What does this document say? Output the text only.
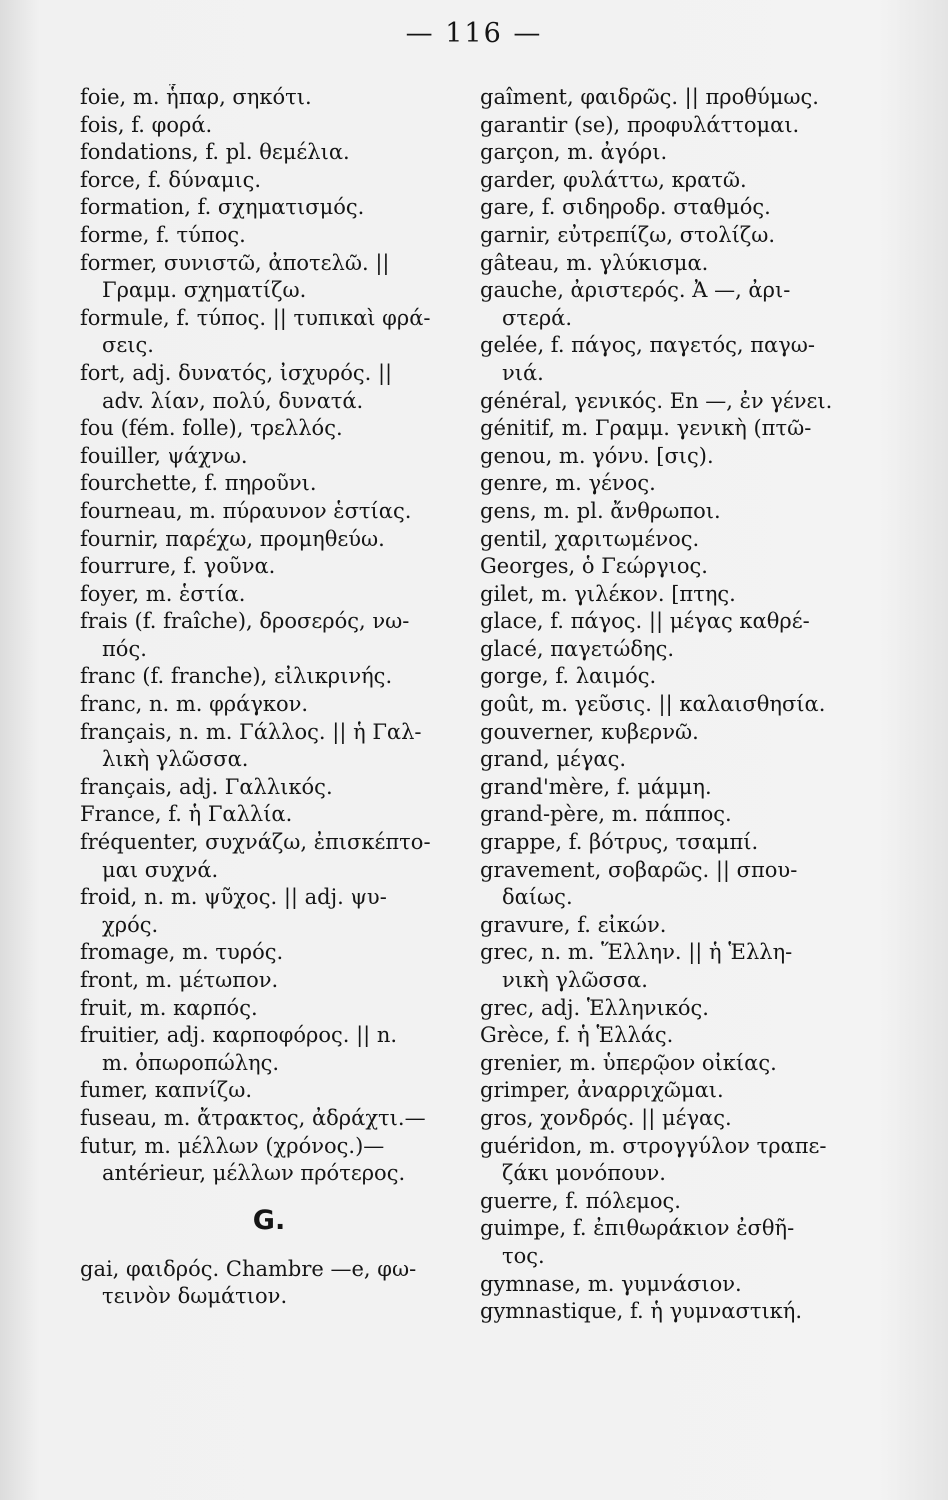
— 116 —
foie, m. ἧπαρ, σηκότι.
fois, f. φορά.
fondations, f. pl. θεμέλια.
force, f. δύναμις.
formation, f. σχηματισμός.
forme, f. τύπος.
former, συνιστῶ, ἀποτελῶ. ||
Γραμμ. σχηματίζω.
formule, f. τύπος. || τυπικαὶ φρά-
σεις.
fort, adj. δυνατός, ἰσχυρός. ||
adv. λίαν, πολύ, δυνατά.
fou (fém. folle), τρελλός.
fouiller, ψάχνω.
fourchette, f. πηροῦνι.
fourneau, m. πύραυνον ἑστίας.
fournir, παρέχω, προμηθεύω.
fourrure, f. γοῦνα.
foyer, m. ἑστία.
frais (f. fraîche), δροσερός, νω-
πός.
franc (f. franche), εἰλικρινής.
franc, n. m. φράγκον.
français, n. m. Γάλλος. || ἡ Γαλ-
λικὴ γλῶσσα.
français, adj. Γαλλικός.
France, f. ἡ Γαλλία.
fréquenter, συχνάζω, ἐπισκέπτο-
μαι συχνά.
froid, n. m. ψῦχος. || adj. ψυ-
χρός.
fromage, m. τυρός.
front, m. μέτωπον.
fruit, m. καρπός.
fruitier, adj. καρποφόρος. || n.
m. ὀπωροπώλης.
fumer, καπνίζω.
fuseau, m. ἄτρακτος, ἀδράχτι.—
futur, m. μέλλων (χρόνος.)—
antérieur, μέλλων πρότερος.
G.
gai, φαιδρός. Chambre —e, φω-
τεινὸν δωμάτιον.
gaîment, φαιδρῶς. || προθύμως.
garantir (se), προφυλάττομαι.
garçon, m. ἀγόρι.
garder, φυλάττω, κρατῶ.
gare, f. σιδηροδρ. σταθμός.
garnir, εὐτρεπίζω, στολίζω.
gâteau, m. γλύκισμα.
gauche, ἀριστερός. Ἀ —, ἀρι-
στερά.
gelée, f. πάγος, παγετός, παγω-
νιά.
général, γενικός. En —, ἐν γένει.
génitif, m. Γραμμ. γενικὴ (πτῶ-
genou, m. γόνυ. [σις).
genre, m. γένος.
gens, m. pl. ἄνθρωποι.
gentil, χαριτωμένος.
Georges, ὁ Γεώργιος.
gilet, m. γιλέκον. [πτης.
glace, f. πάγος. || μέγας καθρέ-
glacé, παγετώδης.
gorge, f. λαιμός.
goût, m. γεῦσις. || καλαισθησία.
gouverner, κυβερνῶ.
grand, μέγας.
grand'mère, f. μάμμη.
grand-père, m. πάππος.
grappe, f. βότρυς, τσαμπί.
gravement, σοβαρῶς. || σπου-
δαίως.
gravure, f. εἰκών.
grec, n. m. Ἕλλην. || ἡ Ἑλλη-
νικὴ γλῶσσα.
grec, adj. Ἑλληνικός.
Grèce, f. ἡ Ἑλλάς.
grenier, m. ὑπερῷον οἰκίας.
grimper, ἀναρριχῶμαι.
gros, χονδρός. || μέγας.
guéridon, m. στρογγύλον τραπε-
ζάκι μονόπουν.
guerre, f. πόλεμος.
guimpe, f. ἐπιθωράκιον ἐσθῆ-
τος.
gymnase, m. γυμνάσιον.
gymnastique, f. ἡ γυμναστική.
